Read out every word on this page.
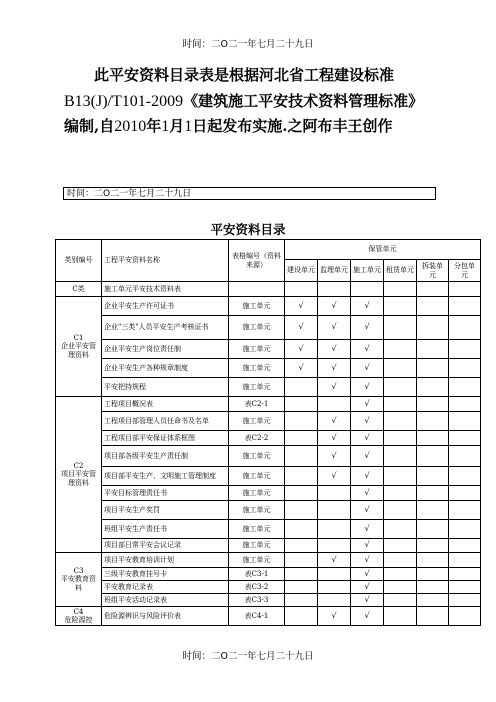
时间：二O二一年七月二十九日
此平安资料目录表是根据河北省工程建设标准
B13(J)/T101-2009《建筑施工平安技术资料管理标准》编制,自2010年1月1日起发布实施.之阿布丰王创作
时间：二O二一年七月二十九日
平安资料目录
类别编号	工程平安资料名称	表格编号（资料来源）	保管单元					
			建设单元	监理单元	施工单元	租赁单元	拆装单元	分包单元
C类	施工单元平安技术资料表							
C1
企业平安管理资料	企业平安生产许可证书	施工单元	√	√	√			
	企业"三类"人员平安生产考核证书	施工单元	√	√	√			
	企业平安生产岗位责任制	施工单元	√	√	√			
	企业平安生产各种规章制度	施工单元	√	√	√			
	平安把持规程	施工单元		√	√			
C2
项目平安管理资料	工程项目概况表	表C2-1			√			
	工程项目部管理人员任命书及名单	施工单元		√	√			
	工程项目部平安保证体系框图	表C2-2		√	√			
	项目部各级平安生产责任制	施工单元		√	√			
	项目部平安生产、文明施工管理制度	施工单元		√	√			
	平安目标管理责任书	施工单元			√			
	项目平安生产奖罚	施工单元			√			
	班组平安生产责任书	施工单元			√			
	项目部日常平安会议记录	施工单元			√			
C3
平安教育资料	项目平安教育培训计划	施工单元		√	√			
	三级平安教育挂号卡	表C3-1			√			
	平安教育记录表	表C3-2			√			
	班组平安活动记录表	表C3-3			√			
C4
危险源控	危险源辨识与风险评价表	表C4-1		√	√			
时间：二O二一年七月二十九日
